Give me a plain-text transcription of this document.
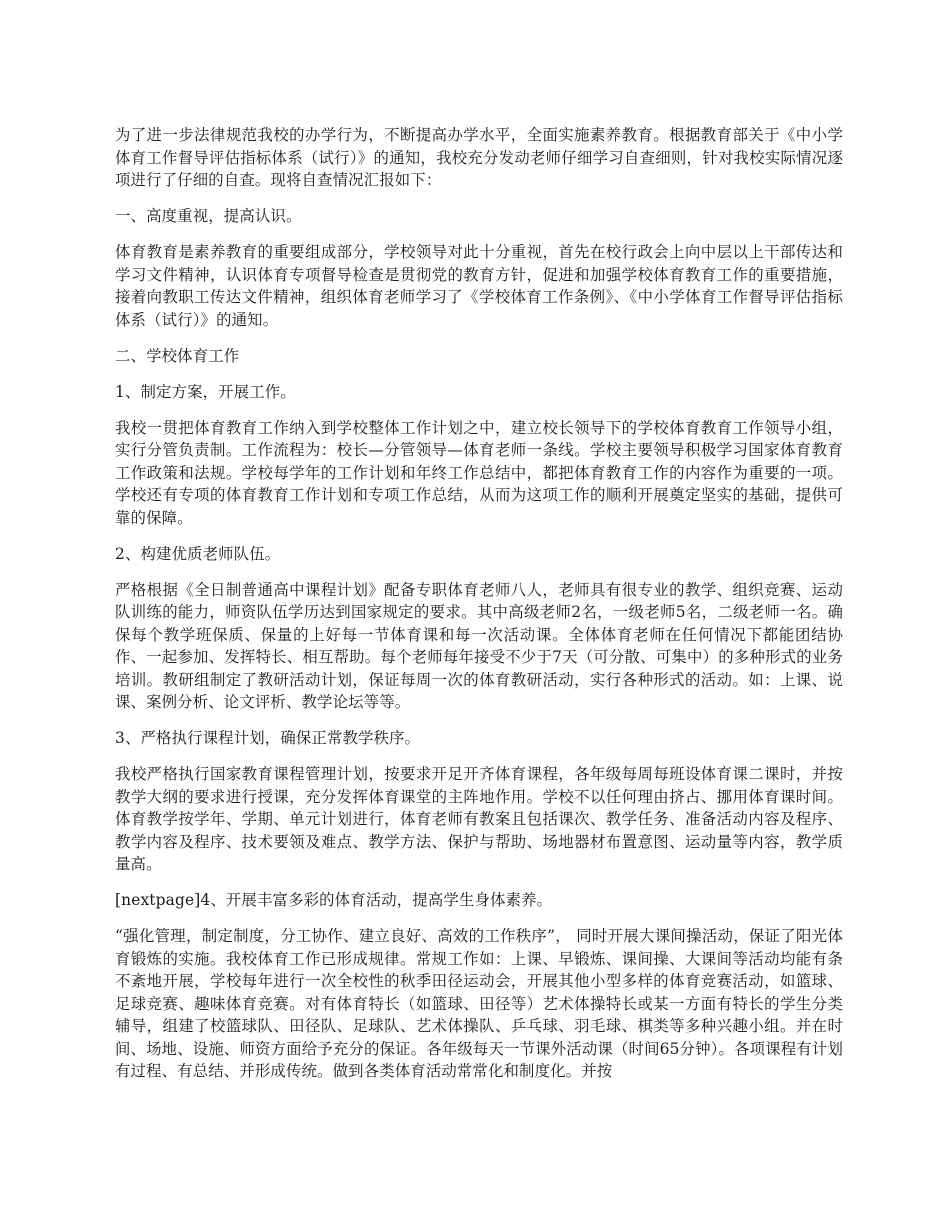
为了进一步法律规范我校的办学行为，不断提高办学水平，全面实施素养教育。根据教育部关于《中小学体育工作督导评估指标体系（试行）》的通知，我校充分发动老师仔细学习自查细则，针对我校实际情况逐项进行了仔细的自查。现将自查情况汇报如下：

一、高度重视，提高认识。

体育教育是素养教育的重要组成部分，学校领导对此十分重视，首先在校行政会上向中层以上干部传达和学习文件精神，认识体育专项督导检查是贯彻党的教育方针，促进和加强学校体育教育工作的重要措施，接着向教职工传达文件精神，组织体育老师学习了《学校体育工作条例》、《中小学体育工作督导评估指标体系（试行）》的通知。

二、学校体育工作

1、制定方案，开展工作。

我校一贯把体育教育工作纳入到学校整体工作计划之中，建立校长领导下的学校体育教育工作领导小组，实行分管负责制。工作流程为：校长—分管领导—体育老师一条线。学校主要领导积极学习国家体育教育工作政策和法规。学校每学年的工作计划和年终工作总结中，都把体育教育工作的内容作为重要的一项。学校还有专项的体育教育工作计划和专项工作总结，从而为这项工作的顺利开展奠定坚实的基础，提供可靠的保障。

2、构建优质老师队伍。

严格根据《全日制普通高中课程计划》配备专职体育老师八人，老师具有很专业的教学、组织竞赛、运动队训练的能力，师资队伍学历达到国家规定的要求。其中高级老师2名，一级老师5名，二级老师一名。确保每个教学班保质、保量的上好每一节体育课和每一次活动课。全体体育老师在任何情况下都能团结协作、一起参加、发挥特长、相互帮助。每个老师每年接受不少于7天（可分散、可集中）的多种形式的业务培训。教研组制定了教研活动计划，保证每周一次的体育教研活动，实行各种形式的活动。如：上课、说课、案例分析、论文评析、教学论坛等等。

3、严格执行课程计划，确保正常教学秩序。

我校严格执行国家教育课程管理计划，按要求开足开齐体育课程，各年级每周每班设体育课二课时，并按教学大纲的要求进行授课，充分发挥体育课堂的主阵地作用。学校不以任何理由挤占、挪用体育课时间。体育教学按学年、学期、单元计划进行，体育老师有教案且包括课次、教学任务、准备活动内容及程序、教学内容及程序、技术要领及难点、教学方法、保护与帮助、场地器材布置意图、运动量等内容，教学质量高。

[nextpage]4、开展丰富多彩的体育活动，提高学生身体素养。

“强化管理，制定制度，分工协作、建立良好、高效的工作秩序”， 同时开展大课间操活动，保证了阳光体育锻炼的实施。我校体育工作已形成规律。常规工作如：上课、早锻炼、课间操、大课间等活动均能有条不紊地开展，学校每年进行一次全校性的秋季田径运动会，开展其他小型多样的体育竞赛活动，如篮球、足球竞赛、趣味体育竞赛。对有体育特长（如篮球、田径等）艺术体操特长或某一方面有特长的学生分类辅导，组建了校篮球队、田径队、足球队、艺术体操队、乒乓球、羽毛球、棋类等多种兴趣小组。并在时间、场地、设施、师资方面给予充分的保证。各年级每天一节课外活动课（时间65分钟）。各项课程有计划有过程、有总结、并形成传统。做到各类体育活动常常化和制度化。并按
